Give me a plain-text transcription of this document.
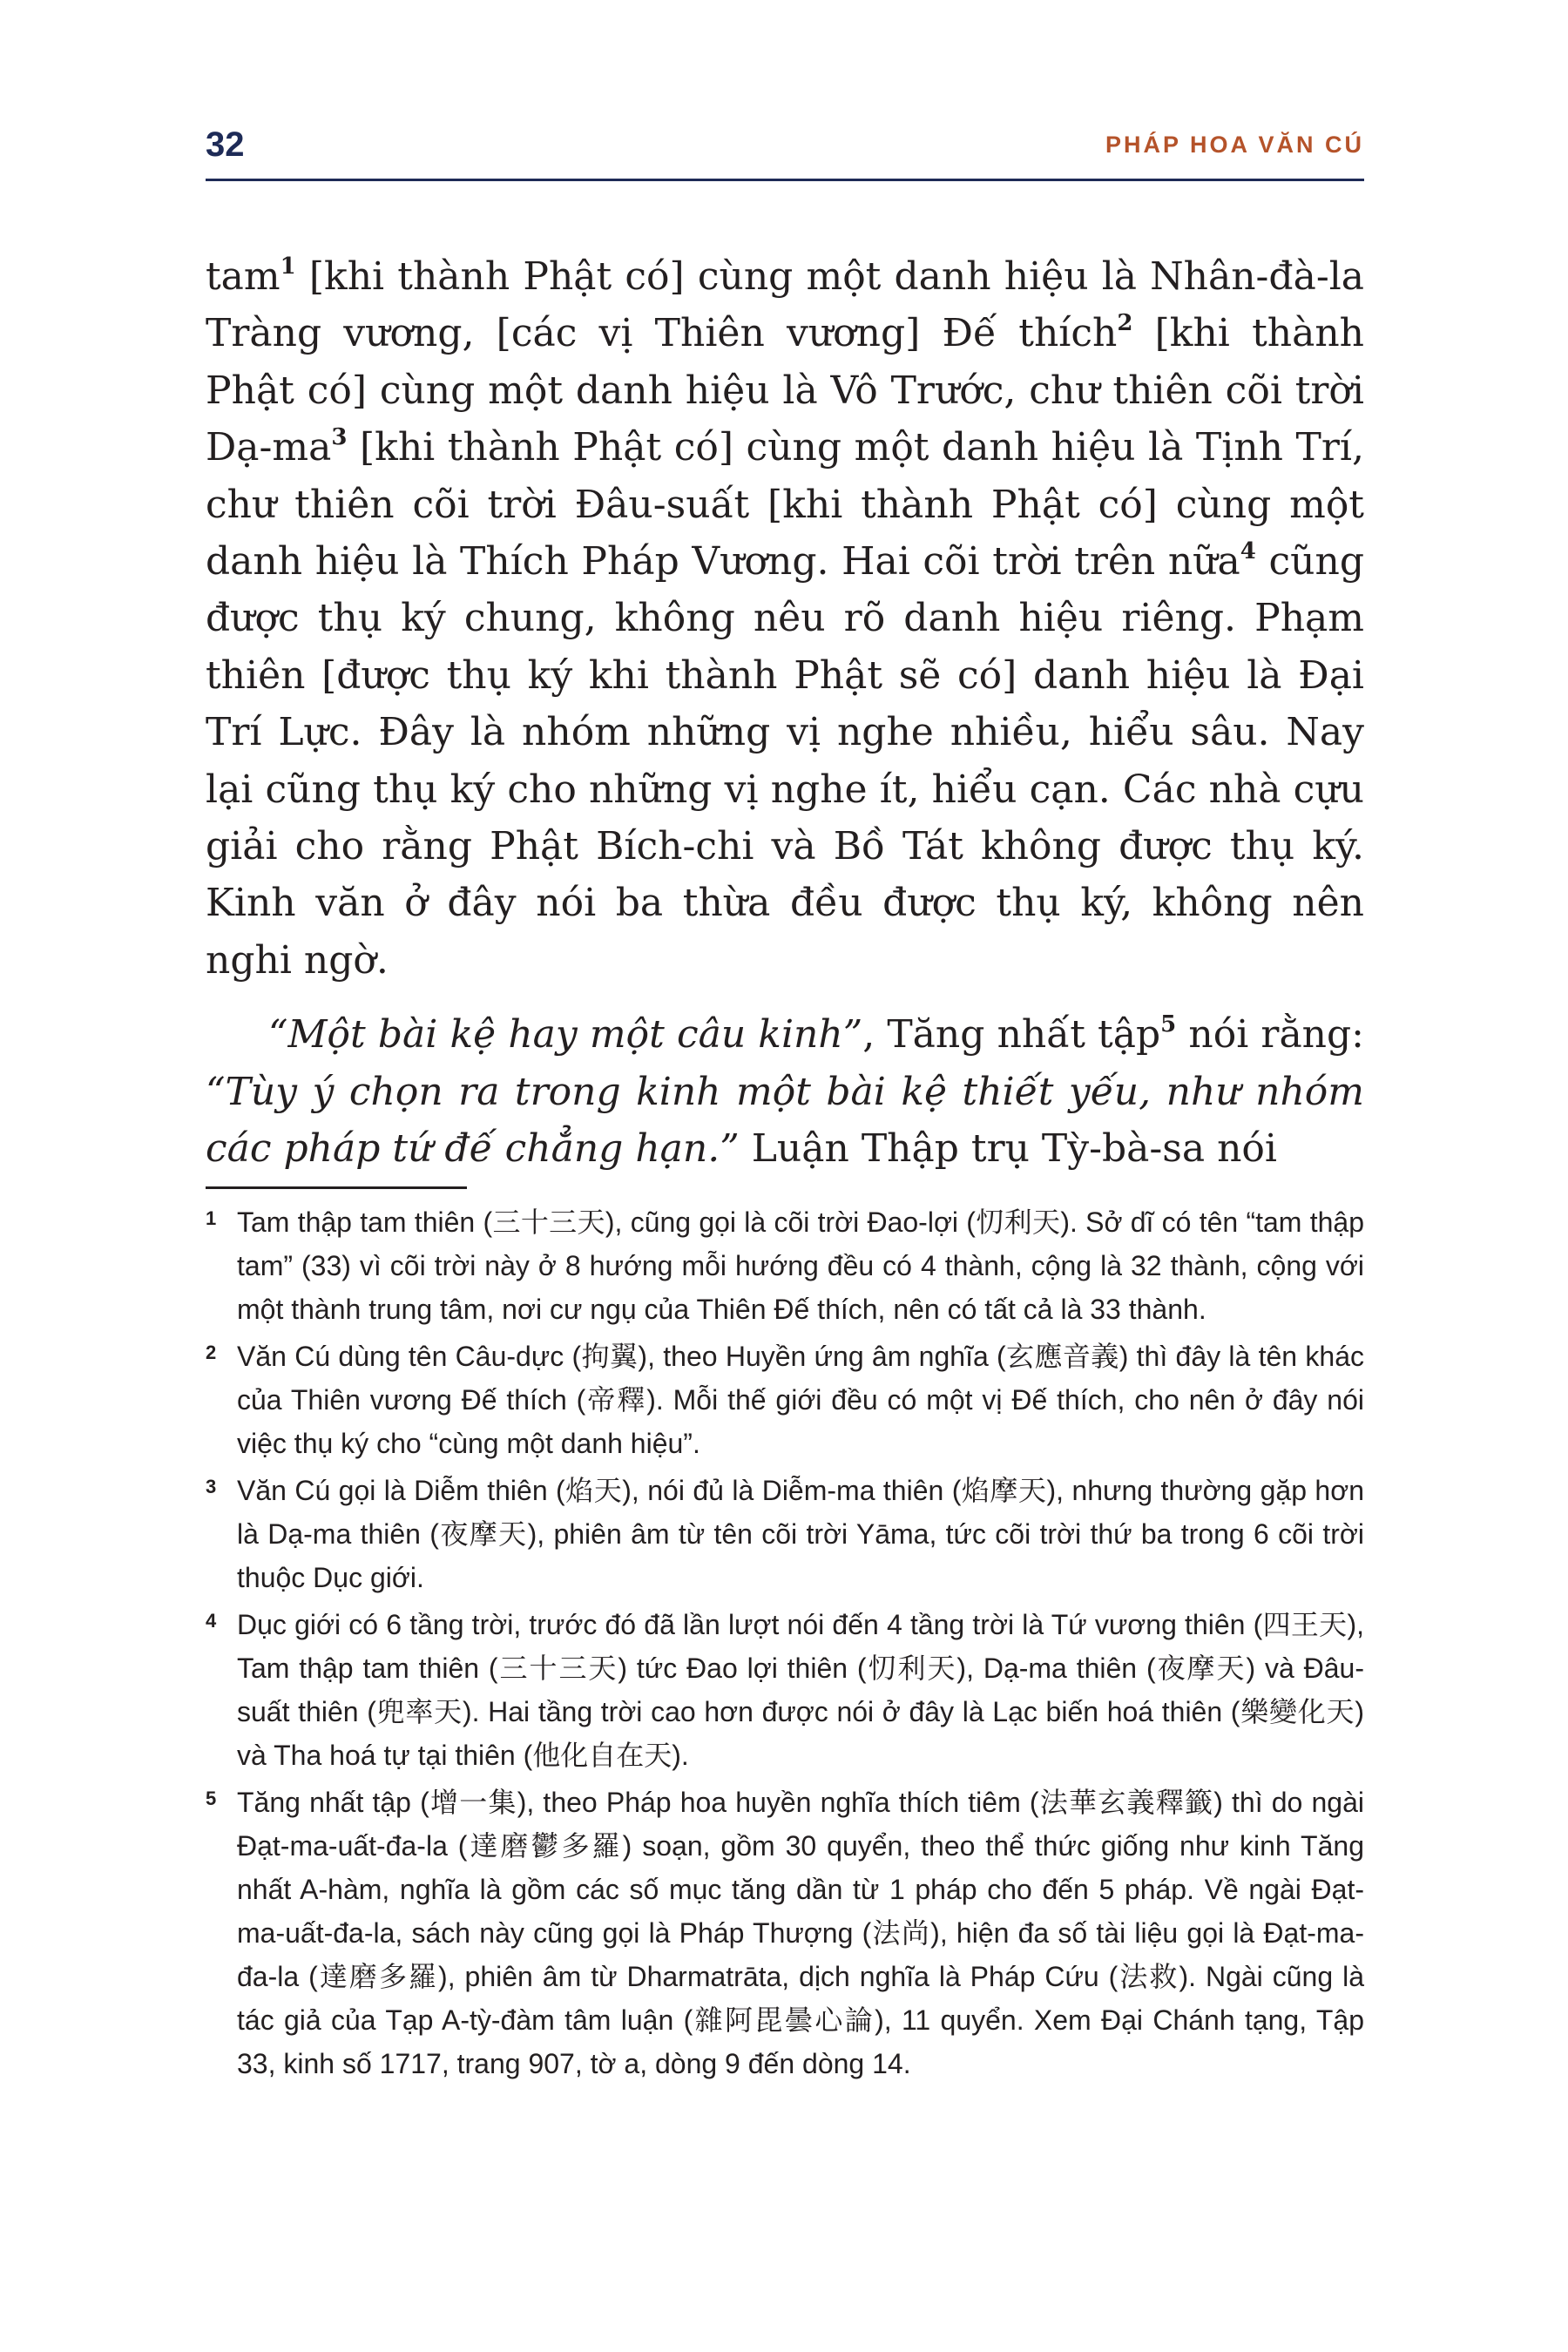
32	PHÁP HOA VĂN CÚ

tam$^1$ [khi thành Phật có] cùng một danh hiệu là Nhân-đà-la Tràng vương, [các vị Thiên vương] Đế thích$^2$ [khi thành Phật có] cùng một danh hiệu là Vô Trước, chư thiên cõi trời Dạ-ma$^3$ [khi thành Phật có] cùng một danh hiệu là Tịnh Trí, chư thiên cõi trời Đâu-suất [khi thành Phật có] cùng một danh hiệu là Thích Pháp Vương. Hai cõi trời trên nữa$^4$ cũng được thụ ký chung, không nêu rõ danh hiệu riêng. Phạm thiên [được thụ ký khi thành Phật sẽ có] danh hiệu là Đại Trí Lực. Đây là nhóm những vị nghe nhiều, hiểu sâu. Nay lại cũng thụ ký cho những vị nghe ít, hiểu cạn. Các nhà cựu giải cho rằng Phật Bích-chi và Bồ Tát không được thụ ký. Kinh văn ở đây nói ba thừa đều được thụ ký, không nên nghi ngờ.

“Một bài kệ hay một câu kinh”, Tăng nhất tập$^5$ nói rằng: “Tùy ý chọn ra trong kinh một bài kệ thiết yếu, như nhóm các pháp tứ đế chẳng hạn.” Luận Thập trụ Tỳ-bà-sa nói

1 Tam thập tam thiên (三十三天), cũng gọi là cõi trời Đao-lợi (忉利天). Sở dĩ có tên “tam thập tam” (33) vì cõi trời này ở 8 hướng mỗi hướng đều có 4 thành, cộng là 32 thành, cộng với một thành trung tâm, nơi cư ngụ của Thiên Đế thích, nên có tất cả là 33 thành.

2 Văn Cú dùng tên Câu-dực (拘翼), theo Huyền ứng âm nghĩa (玄應音義) thì đây là tên khác của Thiên vương Đế thích (帝釋). Mỗi thế giới đều có một vị Đế thích, cho nên ở đây nói việc thụ ký cho “cùng một danh hiệu”.

3 Văn Cú gọi là Diễm thiên (焰天), nói đủ là Diễm-ma thiên (焰摩天), nhưng thường gặp hơn là Dạ-ma thiên (夜摩天), phiên âm từ tên cõi trời Yāma, tức cõi trời thứ ba trong 6 cõi trời thuộc Dục giới.

4 Dục giới có 6 tầng trời, trước đó đã lần lượt nói đến 4 tầng trời là Tứ vương thiên (四王天), Tam thập tam thiên (三十三天) tức Đao lợi thiên (忉利天), Dạ-ma thiên (夜摩天) và Đâu-suất thiên (兜率天). Hai tầng trời cao hơn được nói ở đây là Lạc biến hoá thiên (樂變化天) và Tha hoá tự tại thiên (他化自在天).

5 Tăng nhất tập (增一集), theo Pháp hoa huyền nghĩa thích tiêm (法華玄義釋籤) thì do ngài Đạt-ma-uất-đa-la (達磨鬱多羅) soạn, gồm 30 quyển, theo thể thức giống như kinh Tăng nhất A-hàm, nghĩa là gồm các số mục tăng dần từ 1 pháp cho đến 5 pháp. Về ngài Đạt-ma-uất-đa-la, sách này cũng gọi là Pháp Thượng (法尚), hiện đa số tài liệu gọi là Đạt-ma-đa-la (達磨多羅), phiên âm từ Dharmatrāta, dịch nghĩa là Pháp Cứu (法救). Ngài cũng là tác giả của Tạp A-tỳ-đàm tâm luận (雜阿毘曇心論), 11 quyển. Xem Đại Chánh tạng, Tập 33, kinh số 1717, trang 907, tờ a, dòng 9 đến dòng 14.
